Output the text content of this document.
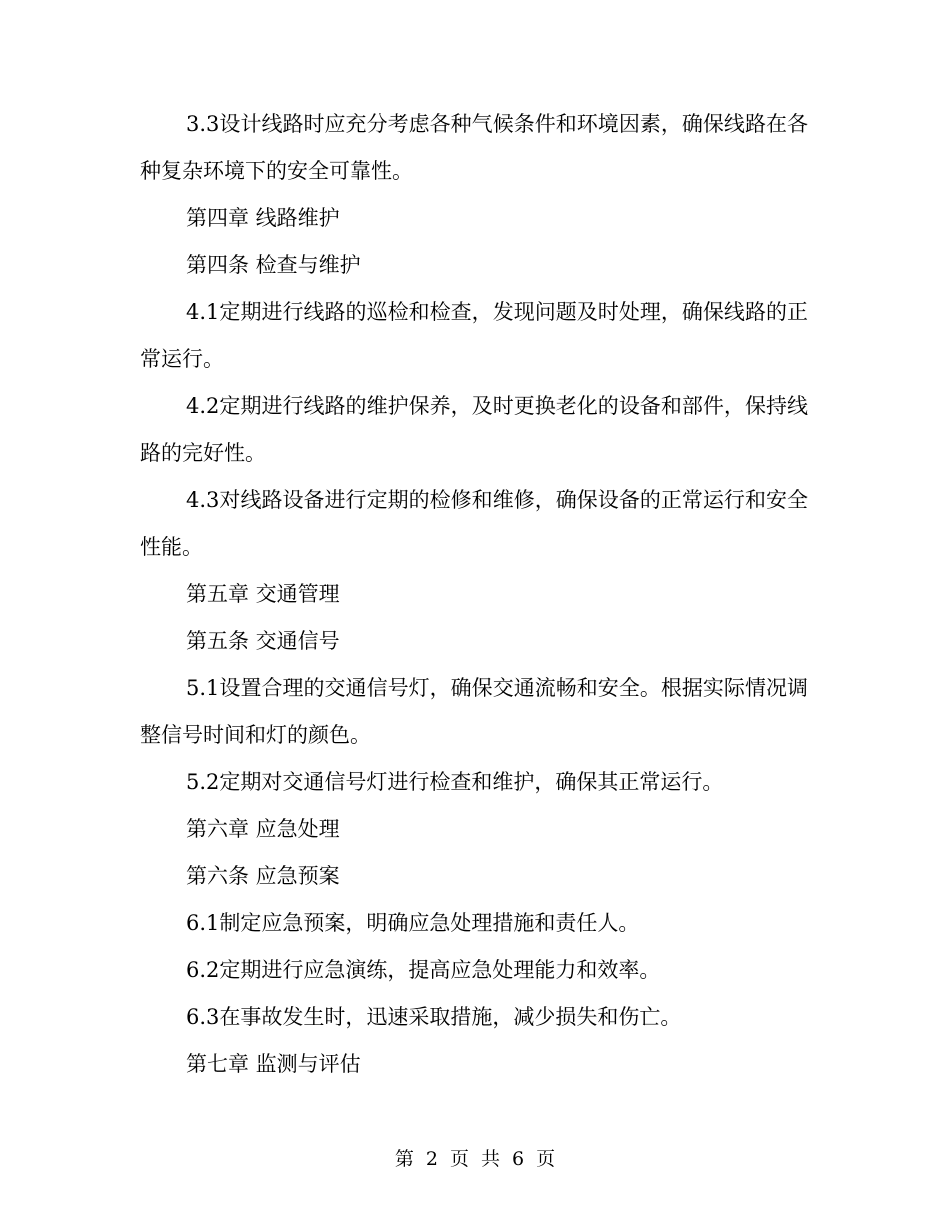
3.3设计线路时应充分考虑各种气候条件和环境因素，确保线路在各种复杂环境下的安全可靠性。

第四章 线路维护

第四条 检查与维护

4.1定期进行线路的巡检和检查，发现问题及时处理，确保线路的正常运行。

4.2定期进行线路的维护保养，及时更换老化的设备和部件，保持线路的完好性。

4.3对线路设备进行定期的检修和维修，确保设备的正常运行和安全性能。

第五章 交通管理

第五条 交通信号

5.1设置合理的交通信号灯，确保交通流畅和安全。根据实际情况调整信号时间和灯的颜色。

5.2定期对交通信号灯进行检查和维护，确保其正常运行。

第六章 应急处理

第六条 应急预案

6.1制定应急预案，明确应急处理措施和责任人。

6.2定期进行应急演练，提高应急处理能力和效率。

6.3在事故发生时，迅速采取措施，减少损失和伤亡。

第七章 监测与评估

第 2 页 共 6 页
